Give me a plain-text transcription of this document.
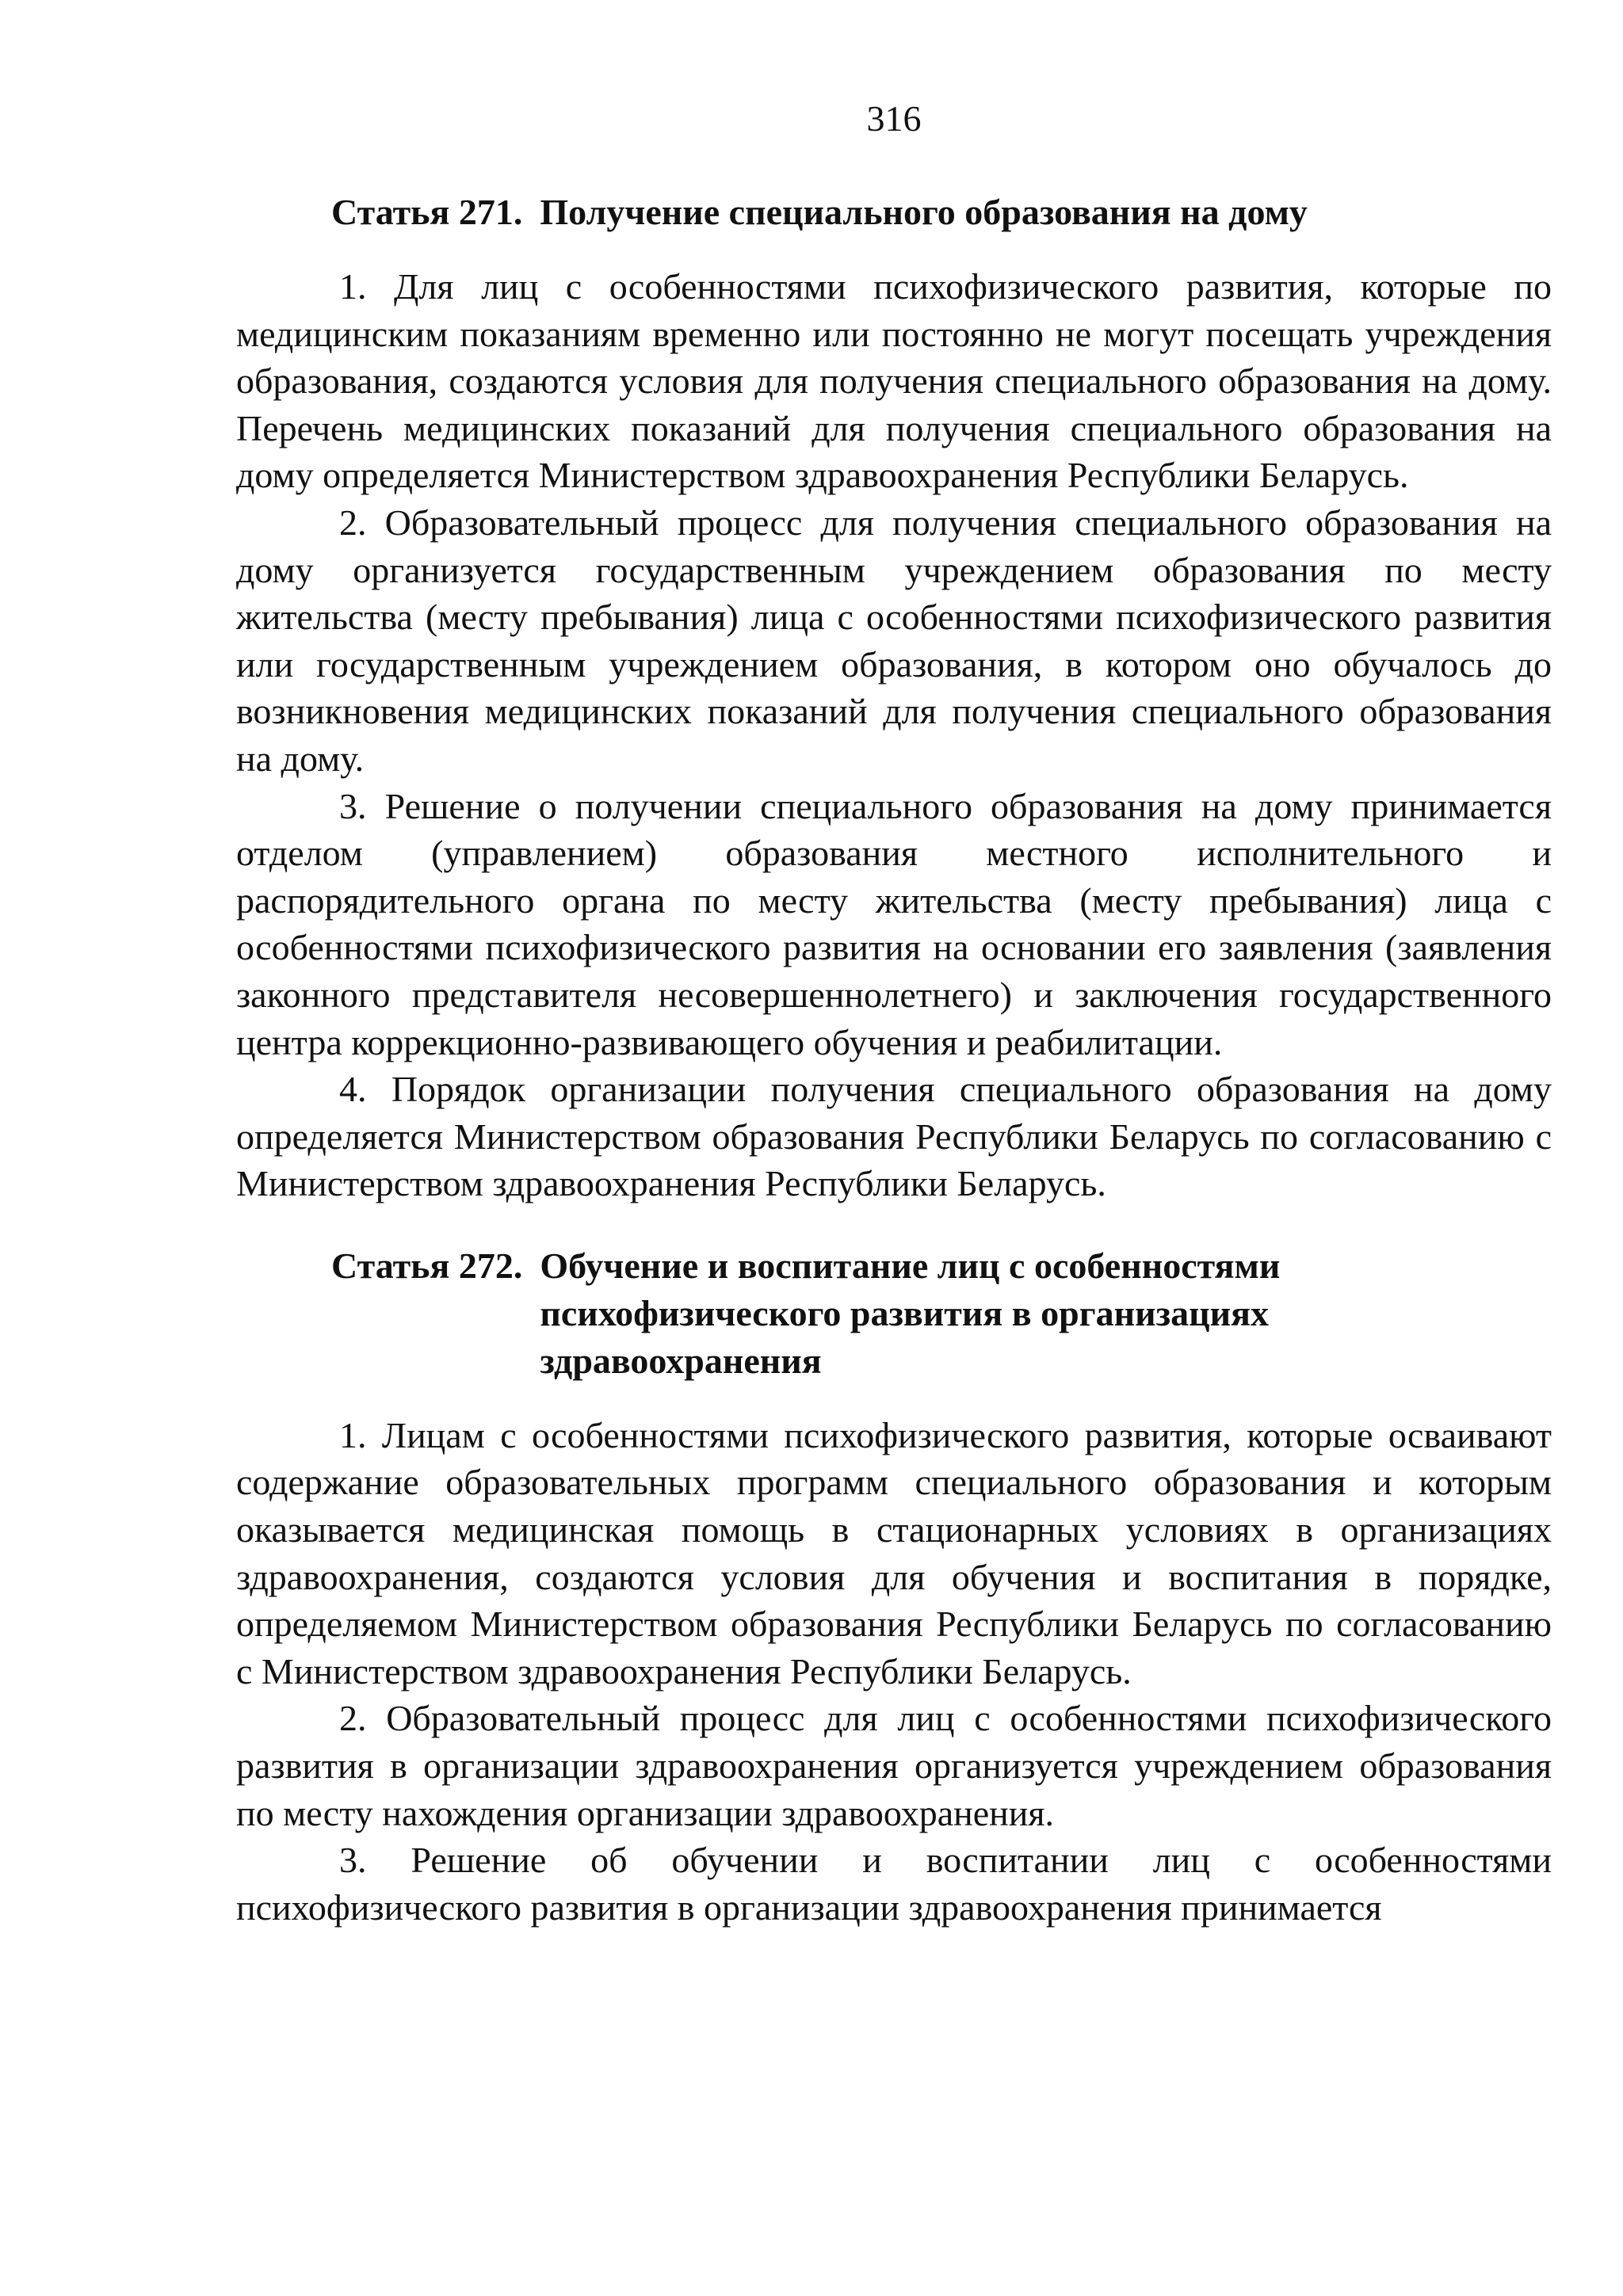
316
Статья 271. Получение специального образования на дому

1. Для лиц с особенностями психофизического развития, которые по медицинским показаниям временно или постоянно не могут посещать учреждения образования, создаются условия для получения специального образования на дому. Перечень медицинских показаний для получения специального образования на дому определяется Министерством здравоохранения Республики Беларусь.

2. Образовательный процесс для получения специального образования на дому организуется государственным учреждением образования по месту жительства (месту пребывания) лица с особенностями психофизического развития или государственным учреждением образования, в котором оно обучалось до возникновения медицинских показаний для получения специального образования на дому.

3. Решение о получении специального образования на дому принимается отделом (управлением) образования местного исполнительного и распорядительного органа по месту жительства (месту пребывания) лица с особенностями психофизического развития на основании его заявления (заявления законного представителя несовершеннолетнего) и заключения государственного центра коррекционно-развивающего обучения и реабилитации.

4. Порядок организации получения специального образования на дому определяется Министерством образования Республики Беларусь по согласованию с Министерством здравоохранения Республики Беларусь.

Статья 272. Обучение и воспитание лиц с особенностями психофизического развития в организациях здравоохранения

1. Лицам с особенностями психофизического развития, которые осваивают содержание образовательных программ специального образования и которым оказывается медицинская помощь в стационарных условиях в организациях здравоохранения, создаются условия для обучения и воспитания в порядке, определяемом Министерством образования Республики Беларусь по согласованию с Министерством здравоохранения Республики Беларусь.

2. Образовательный процесс для лиц с особенностями психофизического развития в организации здравоохранения организуется учреждением образования по месту нахождения организации здравоохранения.

3. Решение об обучении и воспитании лиц с особенностями психофизического развития в организации здравоохранения принимается
